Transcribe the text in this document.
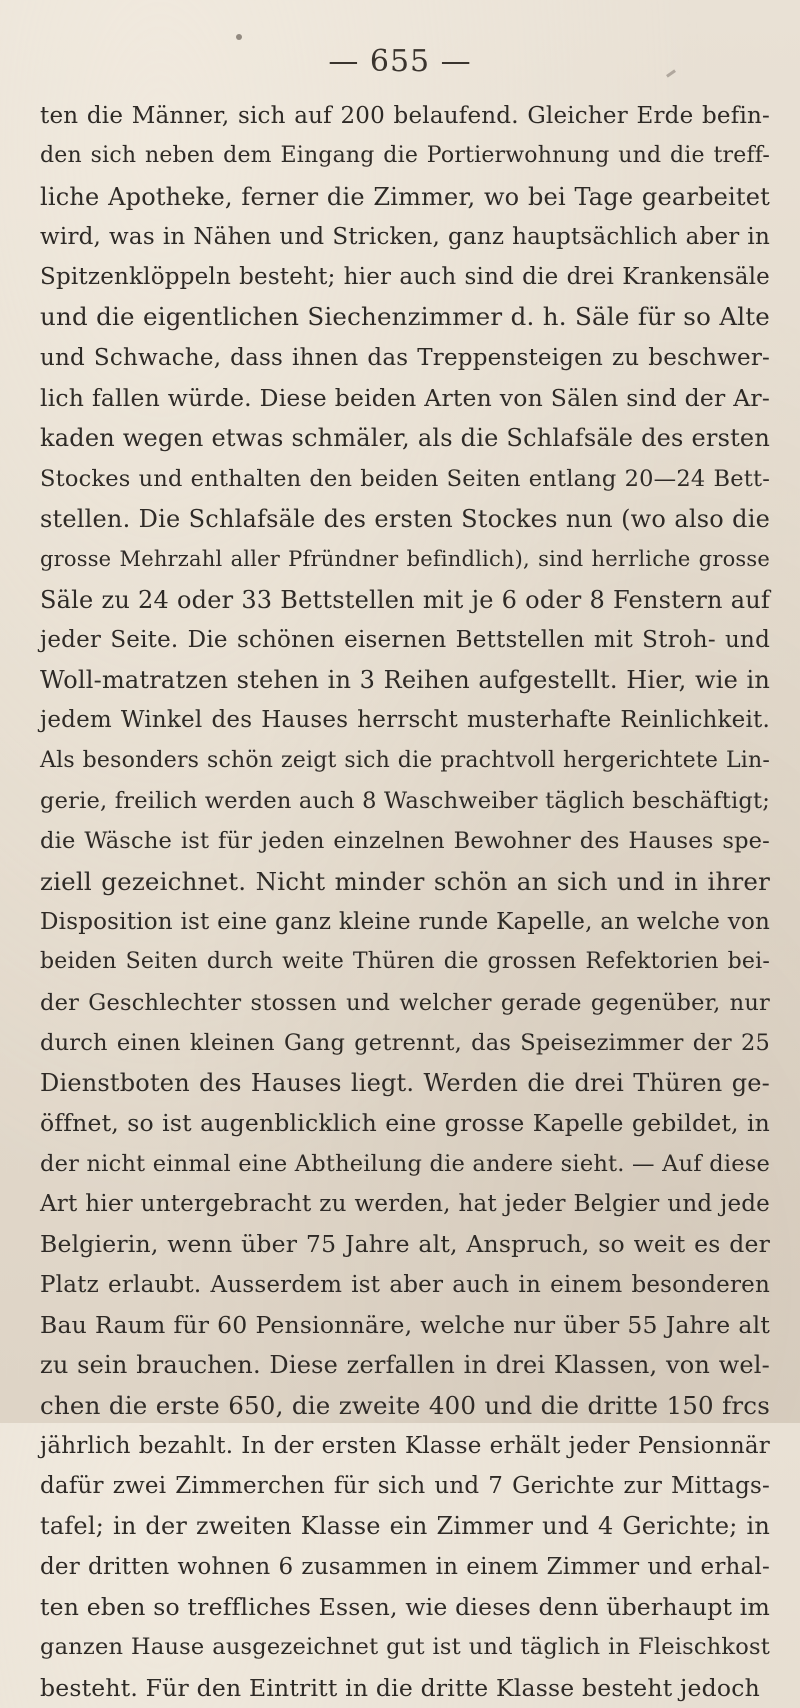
— 655 —
ten die Männer, sich auf 200 belaufend. Gleicher Erde befin-
den sich neben dem Eingang die Portierwohnung und die treff-
liche Apotheke, ferner die Zimmer, wo bei Tage gearbeitet
wird, was in Nähen und Stricken, ganz hauptsächlich aber in
Spitzenklöppeln besteht; hier auch sind die drei Krankensäle
und die eigentlichen Siechenzimmer d. h. Säle für so Alte
und Schwache, dass ihnen das Treppensteigen zu beschwer-
lich fallen würde. Diese beiden Arten von Sälen sind der Ar-
kaden wegen etwas schmäler, als die Schlafsäle des ersten
Stockes und enthalten den beiden Seiten entlang 20—24 Bett-
stellen. Die Schlafsäle des ersten Stockes nun (wo also die
grosse Mehrzahl aller Pfründner befindlich), sind herrliche grosse
Säle zu 24 oder 33 Bettstellen mit je 6 oder 8 Fenstern auf
jeder Seite. Die schönen eisernen Bettstellen mit Stroh- und
Woll-matratzen stehen in 3 Reihen aufgestellt. Hier, wie in
jedem Winkel des Hauses herrscht musterhafte Reinlichkeit.
Als besonders schön zeigt sich die prachtvoll hergerichtete Lin-
gerie, freilich werden auch 8 Waschweiber täglich beschäftigt;
die Wäsche ist für jeden einzelnen Bewohner des Hauses spe-
ziell gezeichnet. Nicht minder schön an sich und in ihrer
Disposition ist eine ganz kleine runde Kapelle, an welche von
beiden Seiten durch weite Thüren die grossen Refektorien bei-
der Geschlechter stossen und welcher gerade gegenüber, nur
durch einen kleinen Gang getrennt, das Speisezimmer der 25
Dienstboten des Hauses liegt. Werden die drei Thüren ge-
öffnet, so ist augenblicklich eine grosse Kapelle gebildet, in
der nicht einmal eine Abtheilung die andere sieht. — Auf diese
Art hier untergebracht zu werden, hat jeder Belgier und jede
Belgierin, wenn über 75 Jahre alt, Anspruch, so weit es der
Platz erlaubt. Ausserdem ist aber auch in einem besonderen
Bau Raum für 60 Pensionnäre, welche nur über 55 Jahre alt
zu sein brauchen. Diese zerfallen in drei Klassen, von wel-
chen die erste 650, die zweite 400 und die dritte 150 frcs
jährlich bezahlt. In der ersten Klasse erhält jeder Pensionnär
dafür zwei Zimmerchen für sich und 7 Gerichte zur Mittags-
tafel; in der zweiten Klasse ein Zimmer und 4 Gerichte; in
der dritten wohnen 6 zusammen in einem Zimmer und erhal-
ten eben so treffliches Essen, wie dieses denn überhaupt im
ganzen Hause ausgezeichnet gut ist und täglich in Fleischkost
besteht. Für den Eintritt in die dritte Klasse besteht jedoch
